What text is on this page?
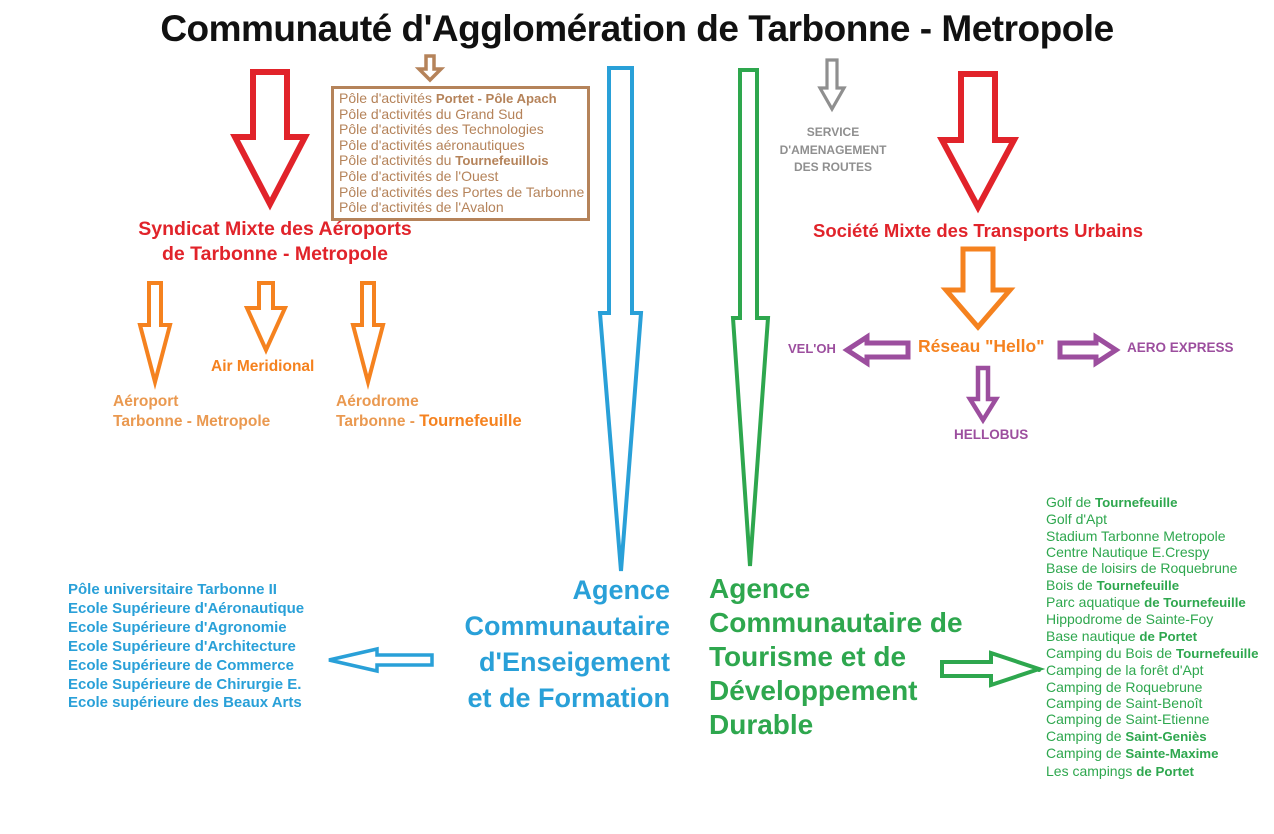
Communauté d'Agglomération de Tarbonne - Metropole
Pôle d'activités Portet - Pôle Apach
Pôle d'activités du Grand Sud
Pôle d'activités des Technologies
Pôle d'activités aéronautiques
Pôle d'activités du Tournefeuillois
Pôle d'activités de l'Ouest
Pôle d'activités des Portes de Tarbonne
Pôle d'activités de l'Avalon
Syndicat Mixte des Aéroports
de Tarbonne - Metropole
Air Meridional
Aéroport
Tarbonne - Metropole
Aérodrome
Tarbonne - Tournefeuille
SERVICE
D'AMENAGEMENT
DES ROUTES
Société Mixte des Transports Urbains
Réseau "Hello"
VEL'OH	AERO EXPRESS
HELLOBUS
Agence
Communautaire
d'Enseigement
et de Formation
Pôle universitaire Tarbonne II
Ecole Supérieure d'Aéronautique
Ecole Supérieure d'Agronomie
Ecole Supérieure d'Architecture
Ecole Supérieure de Commerce
Ecole Supérieure de Chirurgie E.
Ecole supérieure des Beaux Arts
Agence
Communautaire de
Tourisme et de
Développement
Durable
Golf de Tournefeuille
Golf d'Apt
Stadium Tarbonne Metropole
Centre Nautique E.Crespy
Base de loisirs de Roquebrune
Bois de Tournefeuille
Parc aquatique de Tournefeuille
Hippodrome de Sainte-Foy
Base nautique de Portet
Camping du Bois de Tournefeuille
Camping de la forêt d'Apt
Camping de Roquebrune
Camping de Saint-Benoît
Camping de Saint-Etienne
Camping de Saint-Geniès
Camping de Sainte-Maxime
Les campings de Portet
